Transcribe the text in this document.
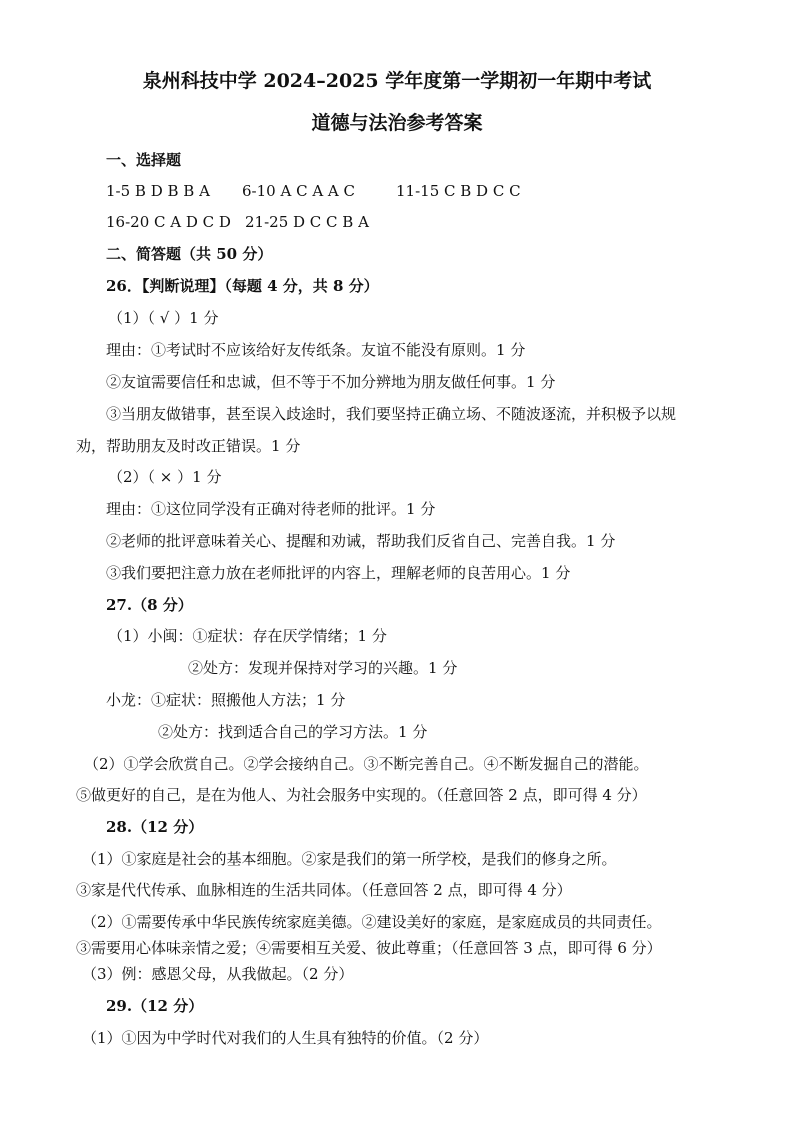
泉州科技中学 2024–2025 学年度第一学期初一年期中考试
道德与法治参考答案
一、选择题
1-5 B D B B A 6-10 A C A A C	11-15 C B D C C
16-20 C A D C D 21-25 D C C B A
二、简答题（共 50 分）
26．【判断说理】（每题 4 分，共 8 分）
（1）（ √ ）1 分
理由：①考试时不应该给好友传纸条。友谊不能没有原则。1 分
②友谊需要信任和忠诚，但不等于不加分辨地为朋友做任何事。1 分
③当朋友做错事，甚至误入歧途时，我们要坚持正确立场、不随波逐流，并积极予以规
劝，帮助朋友及时改正错误。1 分
（2）（ × ）1 分
理由：①这位同学没有正确对待老师的批评。1 分
②老师的批评意味着关心、提醒和劝诫，帮助我们反省自己、完善自我。1 分
③我们要把注意力放在老师批评的内容上，理解老师的良苦用心。1 分
27.（8 分）
（1）小闽：①症状：存在厌学情绪；1 分
②处方：发现并保持对学习的兴趣。1 分
小龙：①症状：照搬他人方法；1 分
②处方：找到适合自己的学习方法。1 分
（2）①学会欣赏自己。②学会接纳自己。③不断完善自己。④不断发掘自己的潜能。
⑤做更好的自己，是在为他人、为社会服务中实现的。（任意回答 2 点，即可得 4 分）
28.（12 分）
（1）①家庭是社会的基本细胞。②家是我们的第一所学校，是我们的修身之所。
③家是代代传承、血脉相连的生活共同体。（任意回答 2 点，即可得 4 分）
（2）①需要传承中华民族传统家庭美德。②建设美好的家庭，是家庭成员的共同责任。
③需要用心体味亲情之爱；④需要相互关爱、彼此尊重；（任意回答 3 点，即可得 6 分）
（3）例：感恩父母，从我做起。（2 分）
29.（12 分）
（1）①因为中学时代对我们的人生具有独特的价值。（2 分）
